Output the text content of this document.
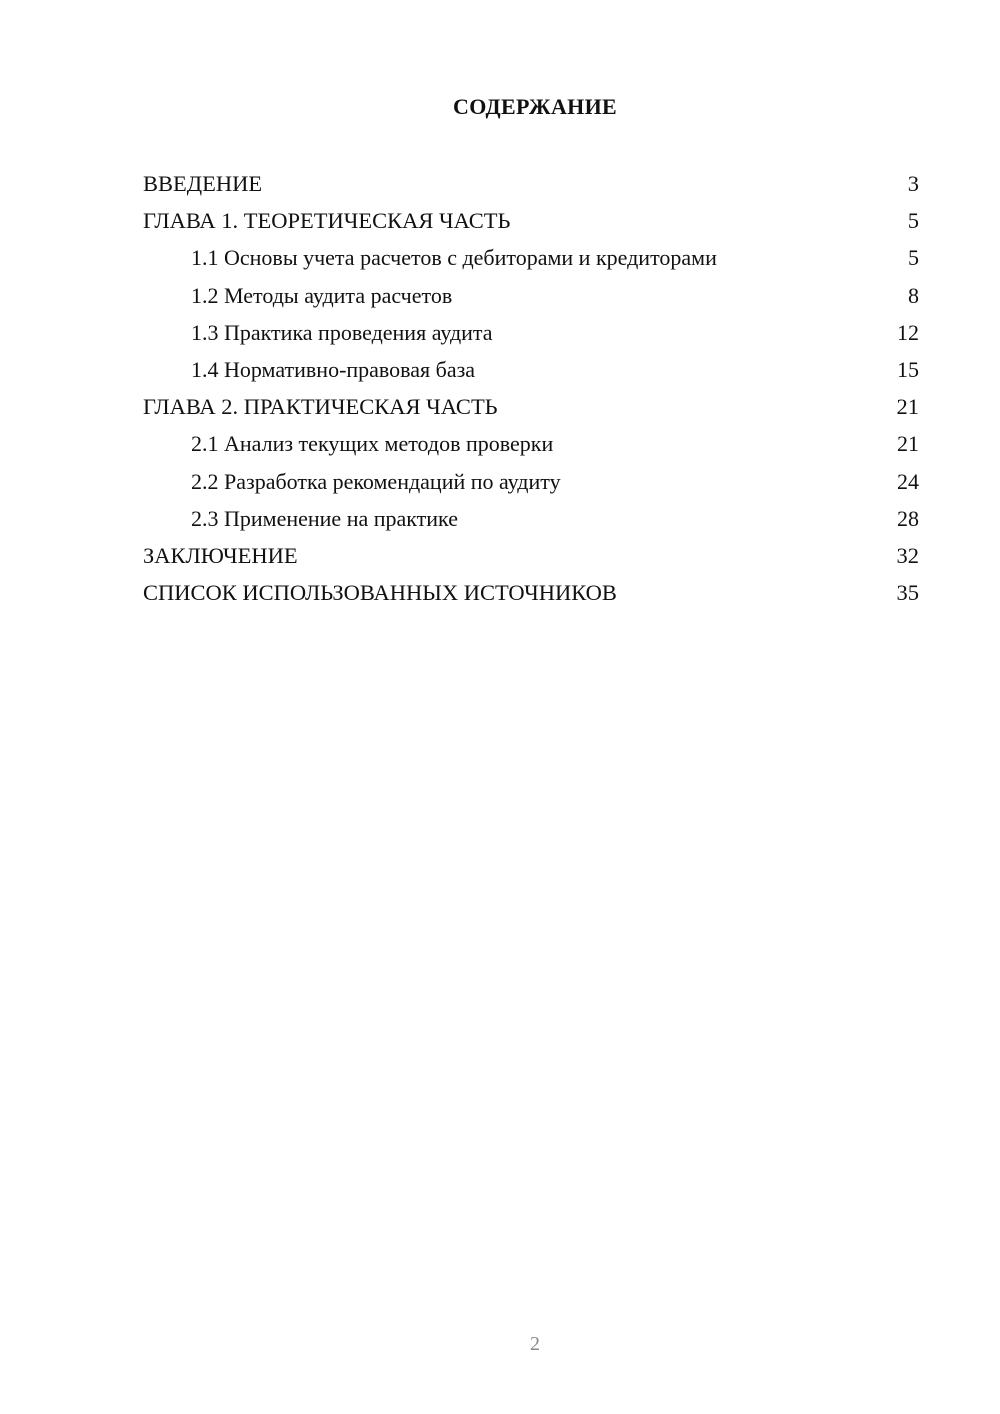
СОДЕРЖАНИЕ
ВВЕДЕНИЕ	3
ГЛАВА 1. ТЕОРЕТИЧЕСКАЯ ЧАСТЬ	5
1.1 Основы учета расчетов с дебиторами и кредиторами	5
1.2 Методы аудита расчетов	8
1.3 Практика проведения аудита	12
1.4 Нормативно-правовая база	15
ГЛАВА 2. ПРАКТИЧЕСКАЯ ЧАСТЬ	21
2.1 Анализ текущих методов проверки	21
2.2 Разработка рекомендаций по аудиту	24
2.3 Применение на практике	28
ЗАКЛЮЧЕНИЕ	32
СПИСОК ИСПОЛЬЗОВАННЫХ ИСТОЧНИКОВ	35
2
